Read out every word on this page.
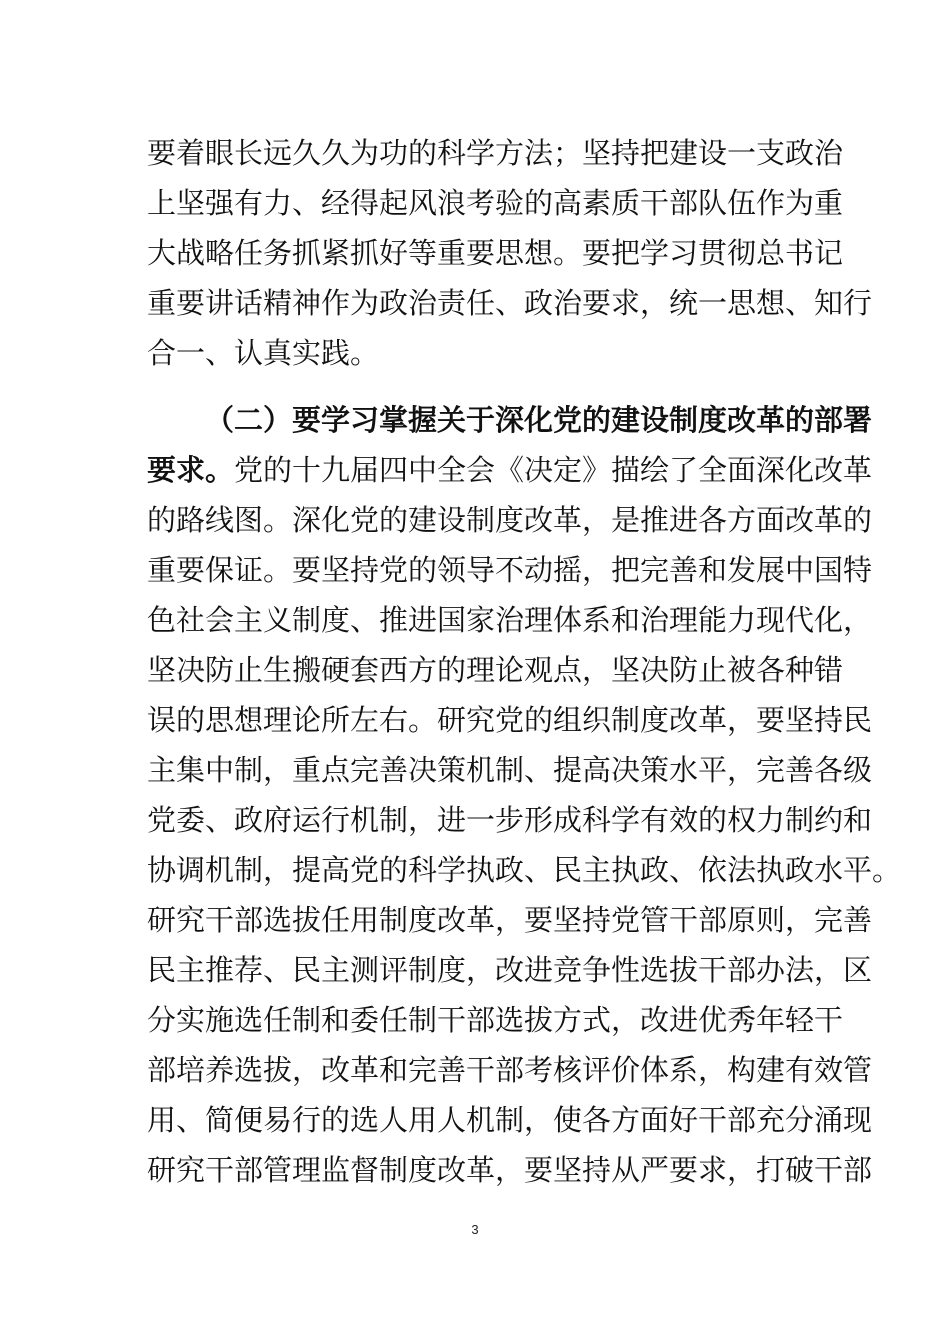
要着眼长远久久为功的科学方法；坚持把建设一支政治
上坚强有力、经得起风浪考验的高素质干部队伍作为重
大战略任务抓紧抓好等重要思想。要把学习贯彻总书记
重要讲话精神作为政治责任、政治要求，统一思想、知行
合一、认真实践。
（二）要学习掌握关于深化党的建设制度改革的部署
要求。党的十九届四中全会《决定》描绘了全面深化改革
的路线图。深化党的建设制度改革，是推进各方面改革的
重要保证。要坚持党的领导不动摇，把完善和发展中国特
色社会主义制度、推进国家治理体系和治理能力现代化，
坚决防止生搬硬套西方的理论观点，坚决防止被各种错
误的思想理论所左右。研究党的组织制度改革，要坚持民
主集中制，重点完善决策机制、提高决策水平，完善各级
党委、政府运行机制，进一步形成科学有效的权力制约和
协调机制，提高党的科学执政、民主执政、依法执政水平。
研究干部选拔任用制度改革，要坚持党管干部原则，完善
民主推荐、民主测评制度，改进竞争性选拔干部办法，区
分实施选任制和委任制干部选拔方式，改进优秀年轻干
部培养选拔，改革和完善干部考核评价体系，构建有效管
用、简便易行的选人用人机制，使各方面好干部充分涌现
研究干部管理监督制度改革，要坚持从严要求，打破干部
3
